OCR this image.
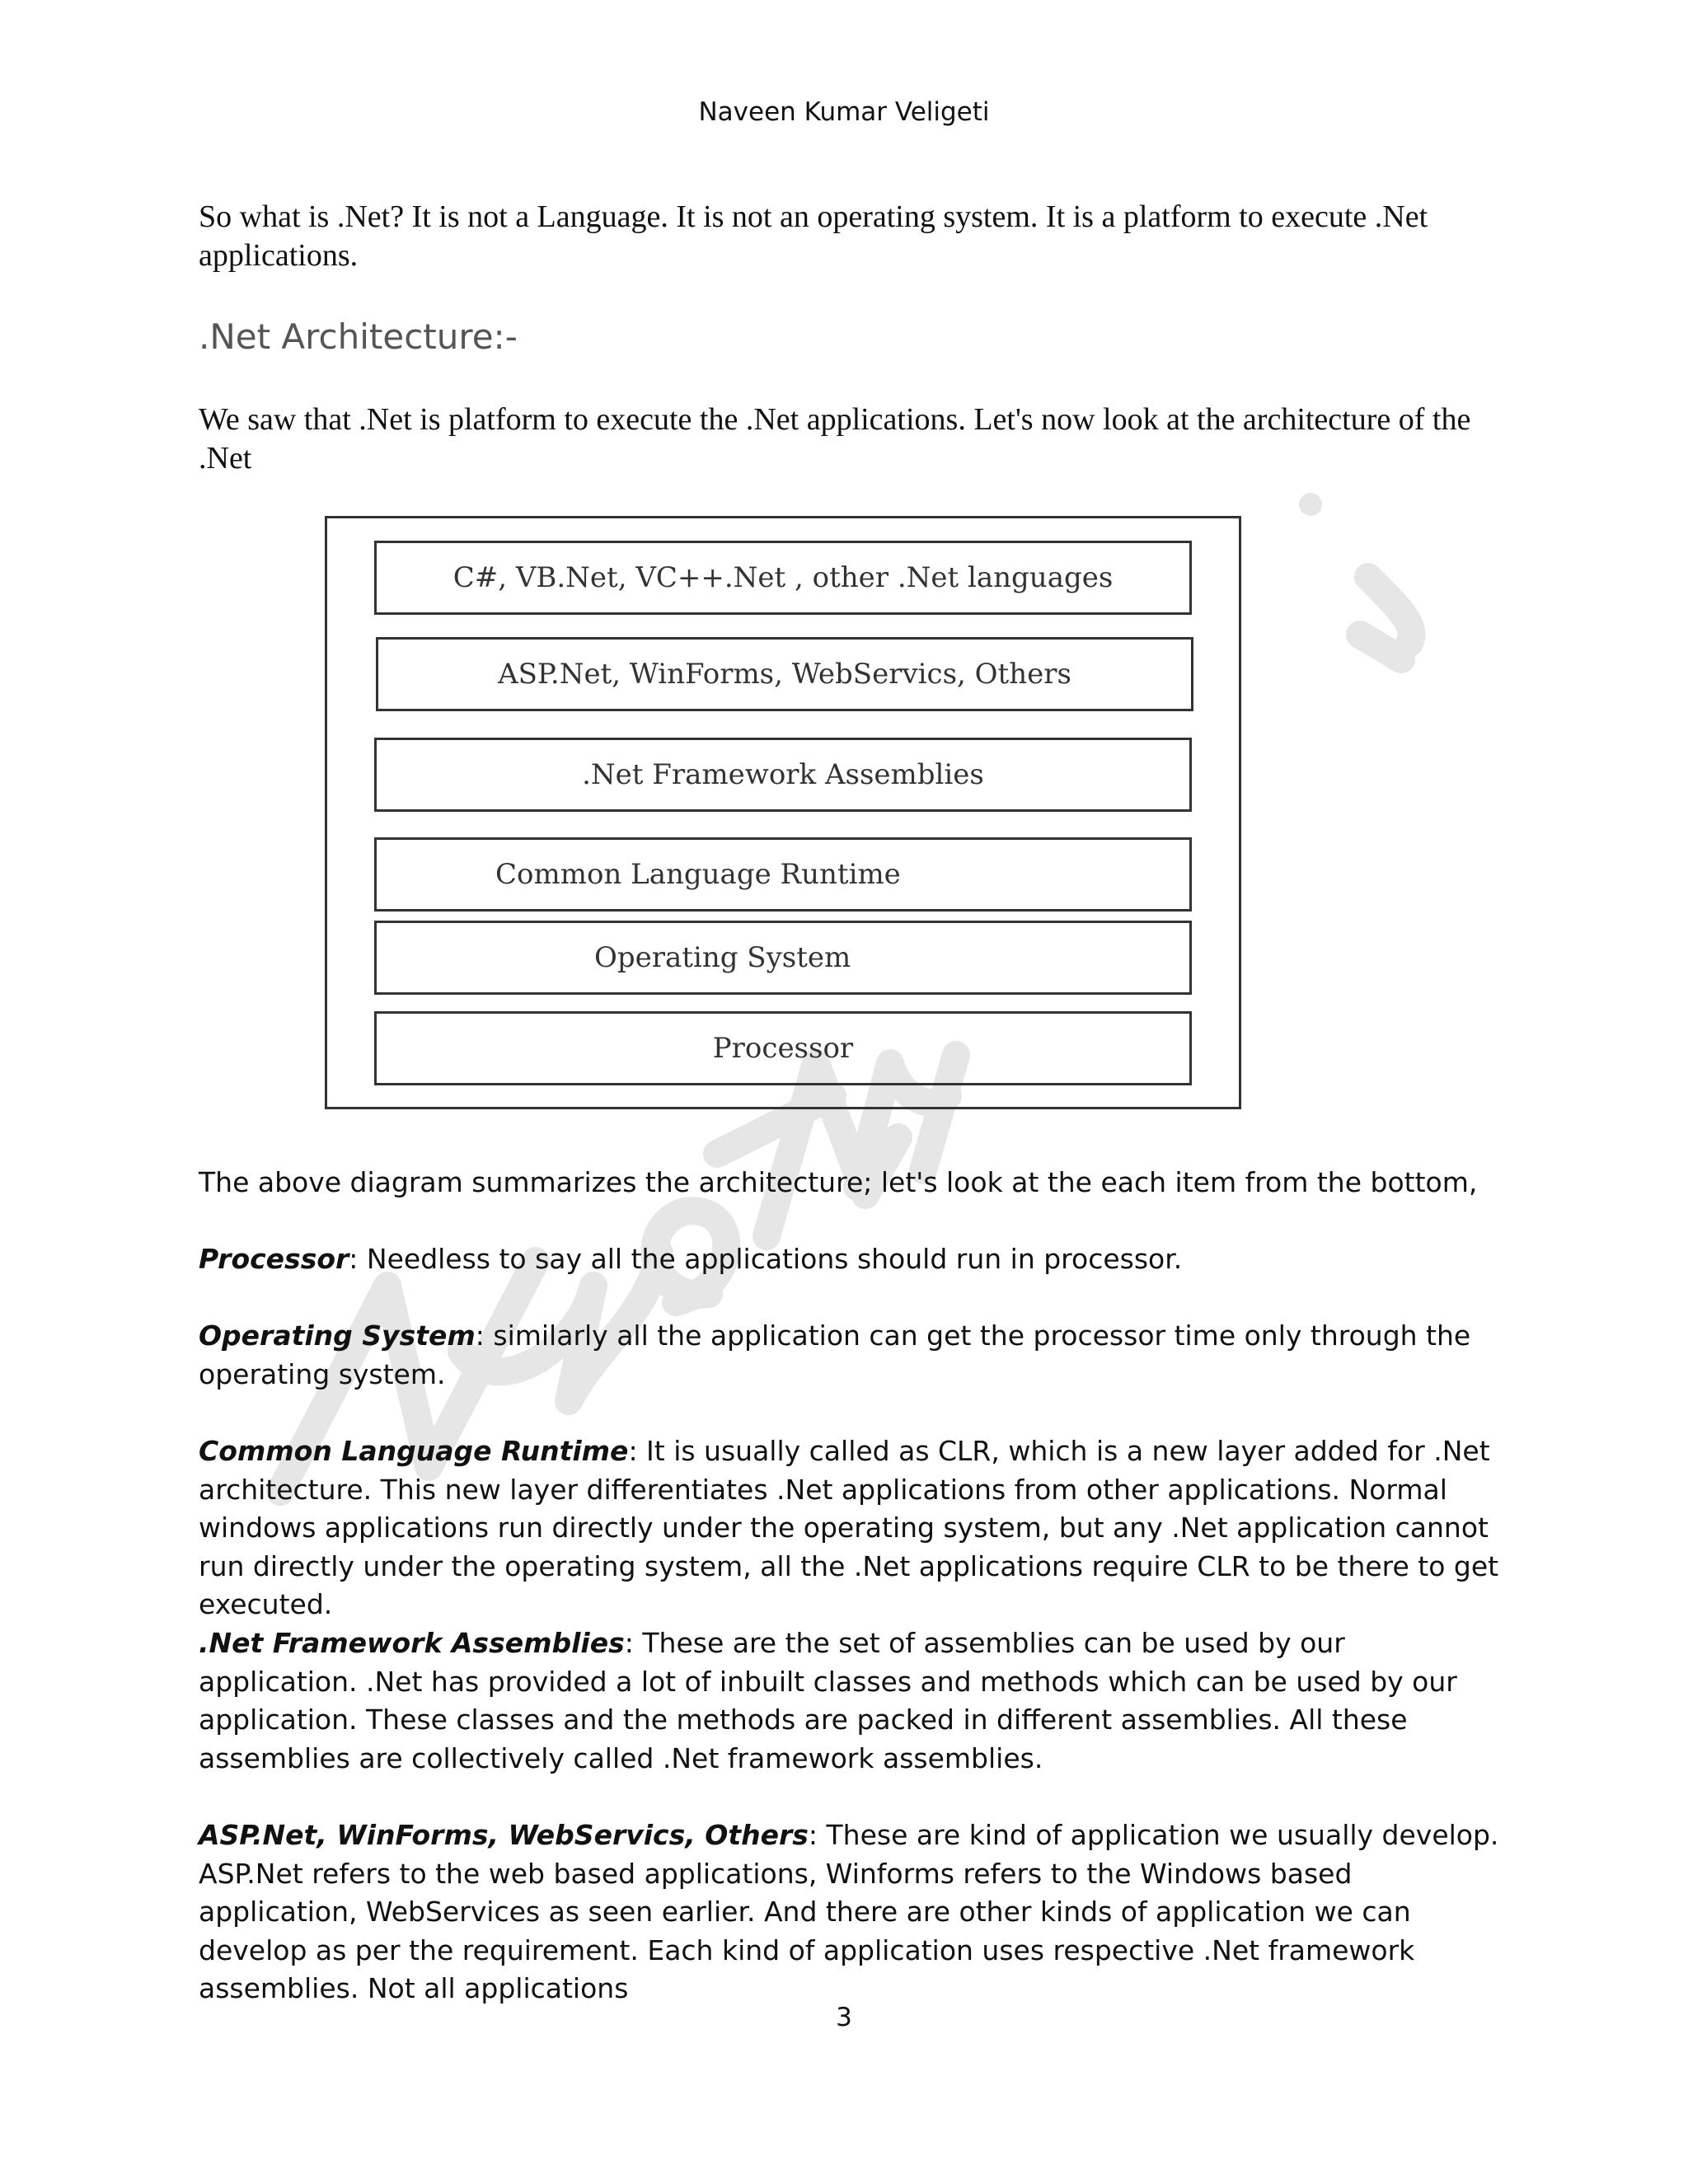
Naveen Kumar Veligeti

So what is .Net? It is not a Language. It is not an operating system. It is a platform to execute .Net applications.

.Net Architecture:-

We saw that .Net is platform to execute the .Net applications. Let's now look at the architecture of the .Net

C#, VB.Net, VC++.Net , other .Net languages
ASP.Net, WinForms, WebServics, Others
.Net Framework Assemblies
Common Language Runtime
Operating System
Processor

The above diagram summarizes the architecture; let's look at the each item from the bottom,

Processor: Needless to say all the applications should run in processor.

Operating System: similarly all the application can get the processor time only through the operating system.

Common Language Runtime: It is usually called as CLR, which is a new layer added for .Net architecture. This new layer differentiates .Net applications from other applications. Normal windows applications run directly under the operating system, but any .Net application cannot run directly under the operating system, all the .Net applications require CLR to be there to get executed.

.Net Framework Assemblies: These are the set of assemblies can be used by our application. .Net has provided a lot of inbuilt classes and methods which can be used by our application. These classes and the methods are packed in different assemblies. All these assemblies are collectively called .Net framework assemblies.

ASP.Net, WinForms, WebServics, Others: These are kind of application we usually develop. ASP.Net refers to the web based applications, Winforms refers to the Windows based application, WebServices as seen earlier. And there are other kinds of application we can develop as per the requirement. Each kind of application uses respective .Net framework assemblies. Not all applications

3
